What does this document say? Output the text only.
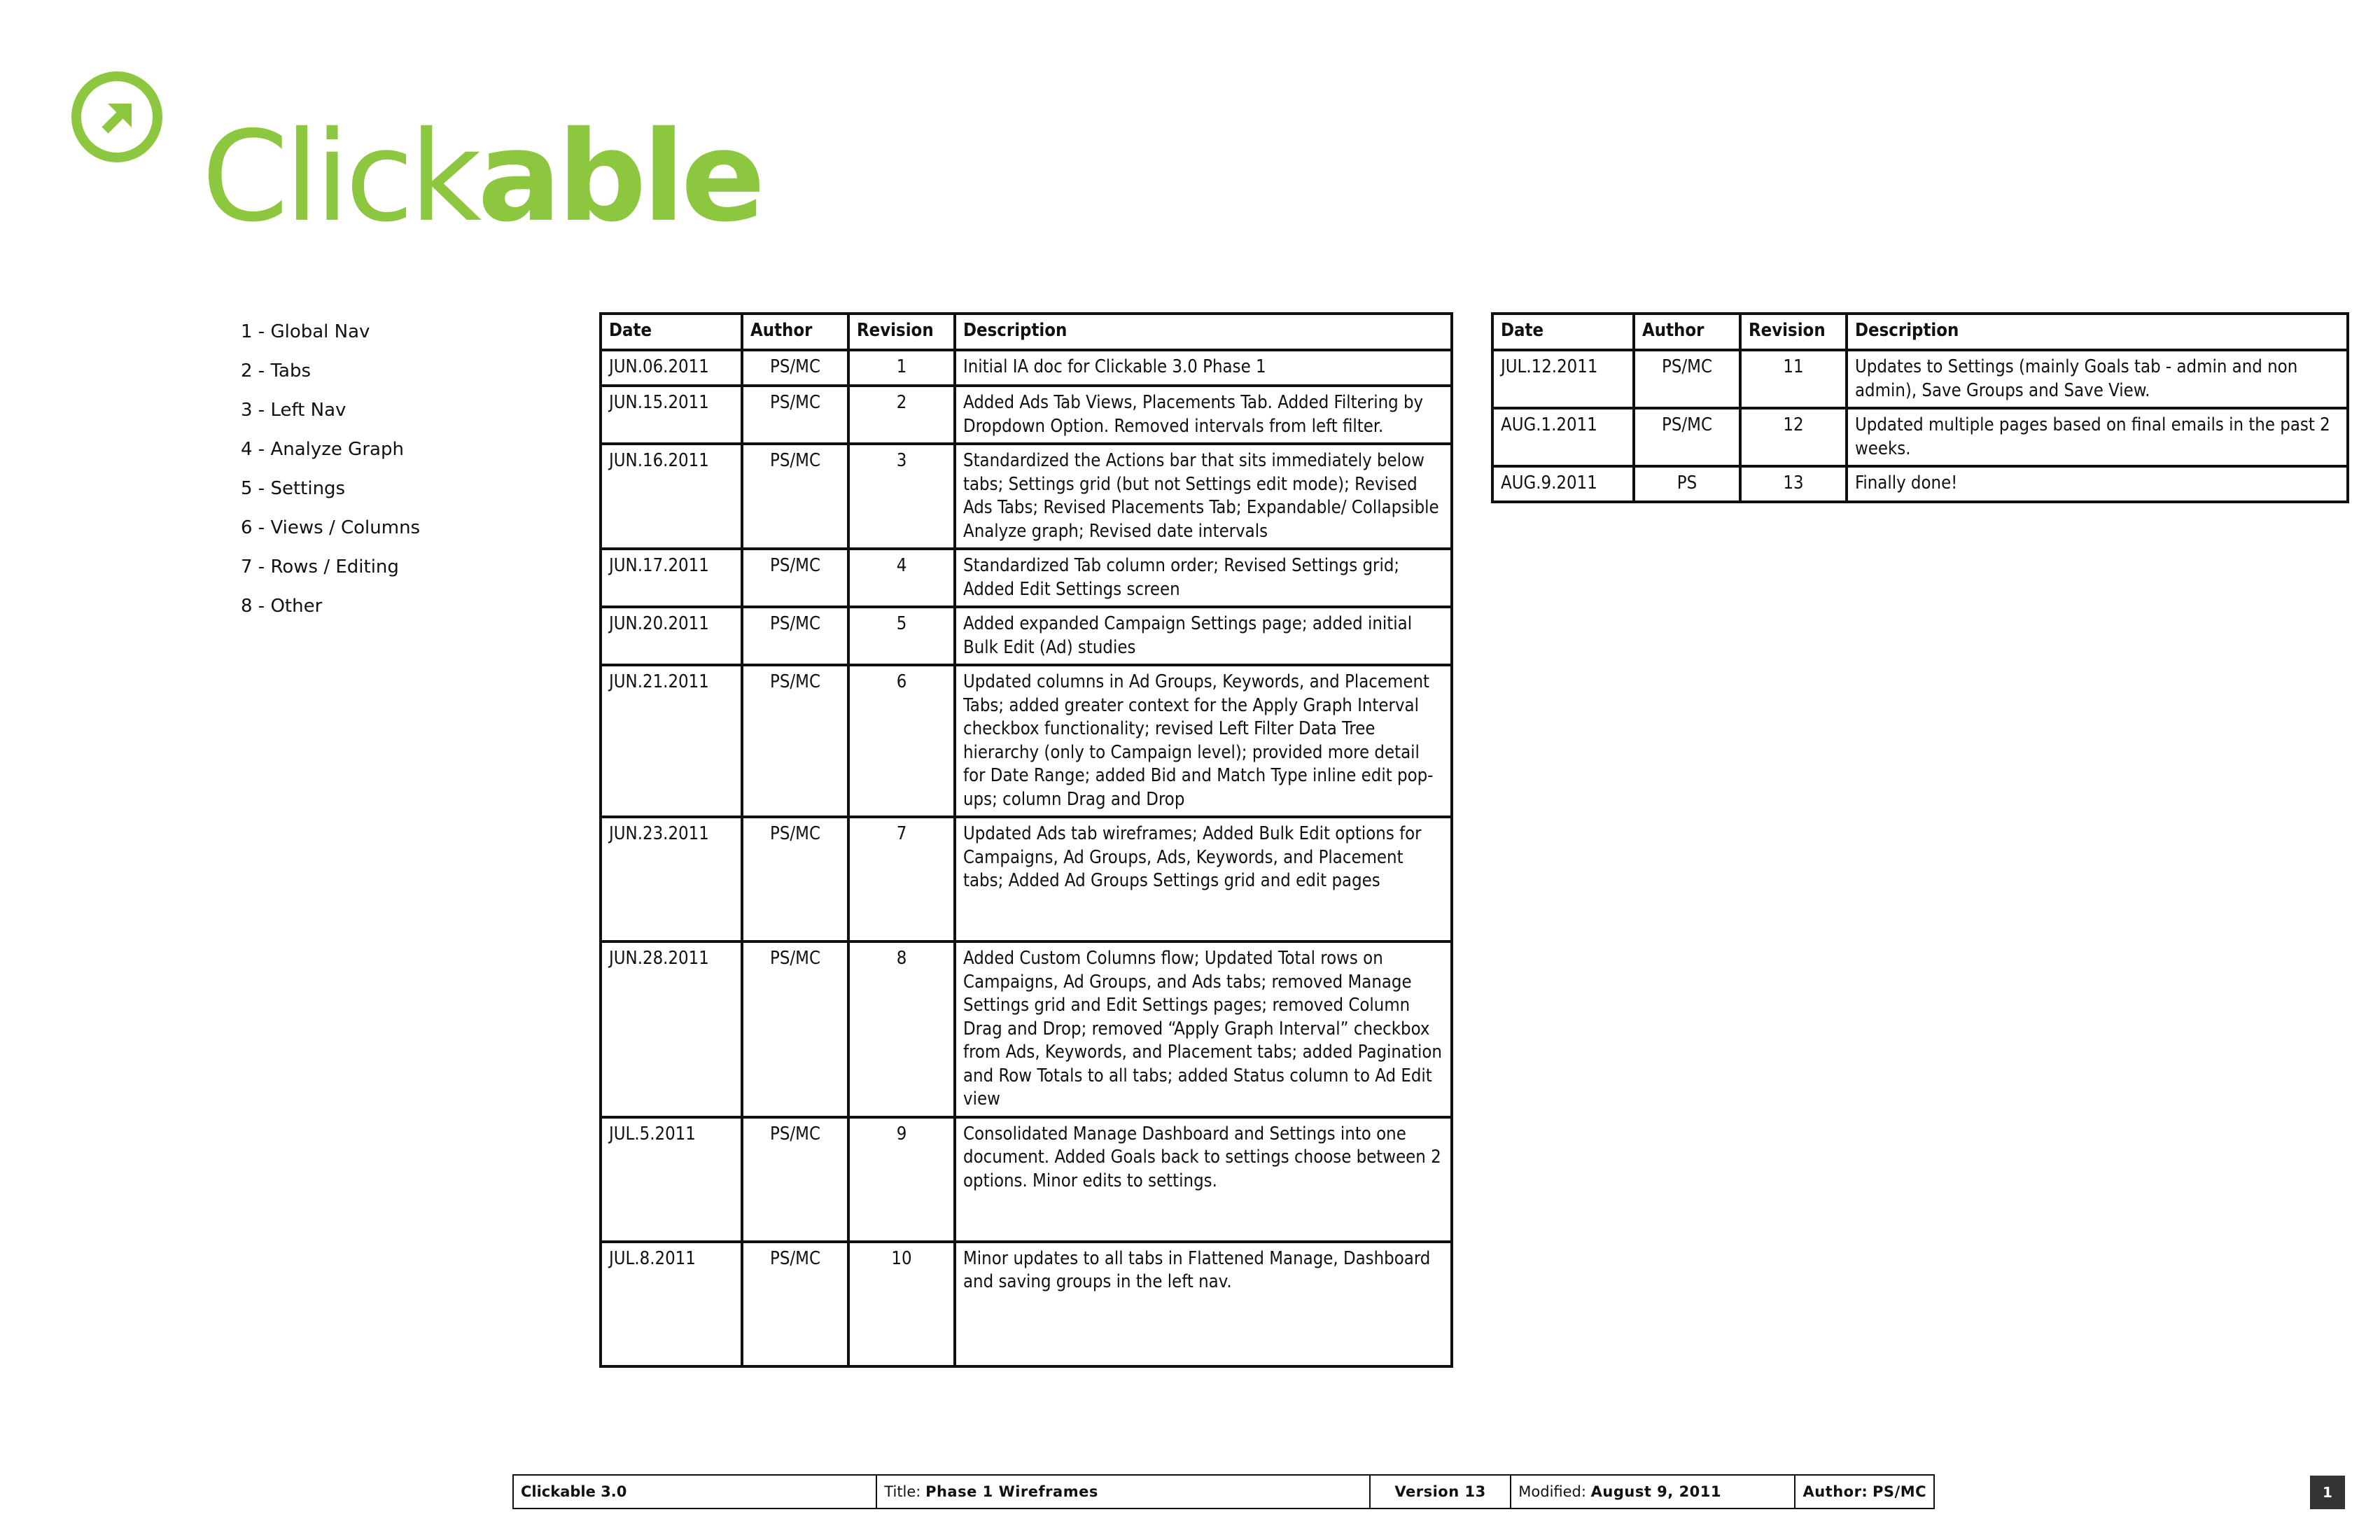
Clickable
1 - Global Nav
2 - Tabs
3 - Left Nav
4 - Analyze Graph
5 - Settings
6 - Views / Columns
7 - Rows / Editing
8 - Other
Date	Author	Revision	Description
JUN.06.2011	PS/MC	1	Initial IA doc for Clickable 3.0 Phase 1
JUN.15.2011	PS/MC	2	Added Ads Tab Views, Placements Tab. Added Filtering by Dropdown Option. Removed intervals from left filter.
JUN.16.2011	PS/MC	3	Standardized the Actions bar that sits immediately below tabs; Settings grid (but not Settings edit mode); Revised Ads Tabs; Revised Placements Tab; Expandable/ Collapsible Analyze graph; Revised date intervals
JUN.17.2011	PS/MC	4	Standardized Tab column order; Revised Settings grid; Added Edit Settings screen
JUN.20.2011	PS/MC	5	Added expanded Campaign Settings page; added initial Bulk Edit (Ad) studies
JUN.21.2011	PS/MC	6	Updated columns in Ad Groups, Keywords, and Placement Tabs; added greater context for the Apply Graph Interval checkbox functionality; revised Left Filter Data Tree hierarchy (only to Campaign level); provided more detail for Date Range; added Bid and Match Type inline edit pop-ups; column Drag and Drop
JUN.23.2011	PS/MC	7	Updated Ads tab wireframes; Added Bulk Edit options for Campaigns, Ad Groups, Ads, Keywords, and Placement tabs; Added Ad Groups Settings grid and edit pages
JUN.28.2011	PS/MC	8	Added Custom Columns flow; Updated Total rows on Campaigns, Ad Groups, and Ads tabs; removed Manage Settings grid and Edit Settings pages; removed Column Drag and Drop; removed “Apply Graph Interval” checkbox from Ads, Keywords, and Placement tabs; added Pagination and Row Totals to all tabs; added Status column to Ad Edit view
JUL.5.2011	PS/MC	9	Consolidated Manage Dashboard and Settings into one document. Added Goals back to settings choose between 2 options. Minor edits to settings.
JUL.8.2011	PS/MC	10	Minor updates to all tabs in Flattened Manage, Dashboard and saving groups in the left nav.
Date	Author	Revision	Description
JUL.12.2011	PS/MC	11	Updates to Settings (mainly Goals tab - admin and non admin), Save Groups and Save View.
AUG.1.2011	PS/MC	12	Updated multiple pages based on final emails in the past 2 weeks.
AUG.9.2011	PS	13	Finally done!
Clickable 3.0	Title: Phase 1 Wireframes	Version 13	Modified: August 9, 2011	Author: PS/MC	1
